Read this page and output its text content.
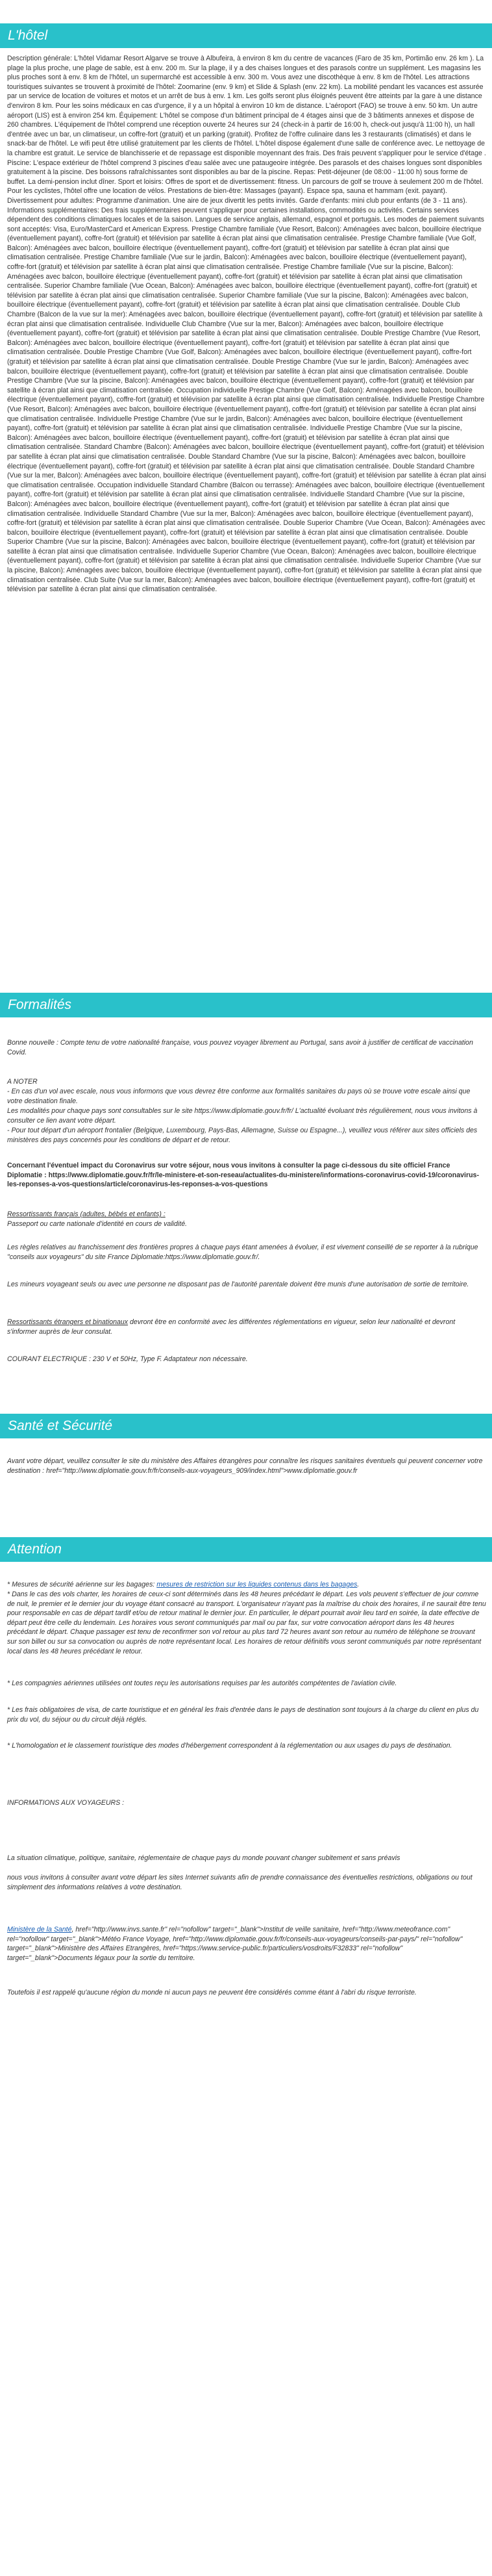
L'hôtel

Description générale: L'hôtel Vidamar Resort Algarve se trouve à Albufeira, à environ 8 km du centre de vacances (Faro de 35 km, Portimão env. 26 km ). La plage la plus proche, une plage de sable, est à env. 200 m. Sur la plage, il y a des chaises longues et des parasols contre un supplément. Les magasins les plus proches sont à env. 8 km de l'hôtel, un supermarché est accessible à env. 300 m. Vous avez une discothèque à env. 8 km de l'hôtel. Les attractions touristiques suivantes se trouvent à proximité de l'hôtel: Zoomarine (env. 9 km) et Slide & Splash (env. 22 km). La mobilité pendant les vacances est assurée par un service de location de voitures et motos et un arrêt de bus à env. 1 km. Les golfs seront plus éloignés peuvent être atteints par la gare à une distance d'environ 8 km. Pour les soins médicaux en cas d'urgence, il y a un hôpital à environ 10 km de distance. L'aéroport (FAO) se trouve à env. 50 km. Un autre aéroport (LIS) est à environ 254 km. Équipement: L'hôtel se compose d'un bâtiment principal de 4 étages ainsi que de 3 bâtiments annexes et dispose de 260 chambres. L'équipement de l'hôtel comprend une réception ouverte 24 heures sur 24 (check-in à partir de 16:00 h, check-out jusqu'à 11:00 h), un hall d'entrée avec un bar, un climatiseur, un coffre-fort (gratuit) et un parking (gratuit). Profitez de l'offre culinaire dans les 3 restaurants (climatisés) et dans le snack-bar de l'hôtel. Le wifi peut être utilisé gratuitement par les clients de l'hôtel. L'hôtel dispose également d'une salle de conférence avec. Le nettoyage de la chambre est gratuit. Le service de blanchisserie et de repassage est disponible moyennant des frais. Des frais peuvent s'appliquer pour le service d'étage . Piscine: L'espace extérieur de l'hôtel comprend 3 piscines d'eau salée avec une pataugeoire intégrée. Des parasols et des chaises longues sont disponibles gratuitement à la piscine. Des boissons rafraîchissantes sont disponibles au bar de la piscine. Repas: Petit-déjeuner (de 08:00 - 11:00 h) sous forme de buffet. La demi-pension inclut dîner. Sport et loisirs: Offres de sport et de divertissement: fitness. Un parcours de golf se trouve à seulement 200 m de l'hôtel. Pour les cyclistes, l'hôtel offre une location de vélos. Prestations de bien-être: Massages (payant). Espace spa, sauna et hammam (exit. payant). Divertissement pour adultes: Programme d'animation. Une aire de jeux divertit les petits invités. Garde d'enfants: mini club pour enfants (de 3 - 11 ans). Informations supplémentaires: Des frais supplémentaires peuvent s'appliquer pour certaines installations, commodités ou activités. Certains services dépendent des conditions climatiques locales et de la saison. Langues de service anglais, allemand, espagnol et portugais. Les modes de paiement suivants sont acceptés: Visa, Euro/MasterCard et American Express. Prestige Chambre familiale (Vue Resort, Balcon): Aménagées avec balcon, bouilloire électrique (éventuellement payant), coffre-fort (gratuit) et télévision par satellite à écran plat ainsi que climatisation centralisée. Prestige Chambre familiale (Vue Golf, Balcon): Aménagées avec balcon, bouilloire électrique (éventuellement payant), coffre-fort (gratuit) et télévision par satellite à écran plat ainsi que climatisation centralisée. Prestige Chambre familiale (Vue sur le jardin, Balcon): Aménagées avec balcon, bouilloire électrique (éventuellement payant), coffre-fort (gratuit) et télévision par satellite à écran plat ainsi que climatisation centralisée. Prestige Chambre familiale (Vue sur la piscine, Balcon): Aménagées avec balcon, bouilloire électrique (éventuellement payant), coffre-fort (gratuit) et télévision par satellite à écran plat ainsi que climatisation centralisée. Superior Chambre familiale (Vue Ocean, Balcon): Aménagées avec balcon, bouilloire électrique (éventuellement payant), coffre-fort (gratuit) et télévision par satellite à écran plat ainsi que climatisation centralisée. Superior Chambre familiale (Vue sur la piscine, Balcon): Aménagées avec balcon, bouilloire électrique (éventuellement payant), coffre-fort (gratuit) et télévision par satellite à écran plat ainsi que climatisation centralisée. Double Club Chambre (Balcon de la vue sur la mer): Aménagées avec balcon, bouilloire électrique (éventuellement payant), coffre-fort (gratuit) et télévision par satellite à écran plat ainsi que climatisation centralisée. Individuelle Club Chambre (Vue sur la mer, Balcon): Aménagées avec balcon, bouilloire électrique (éventuellement payant), coffre-fort (gratuit) et télévision par satellite à écran plat ainsi que climatisation centralisée. Double Prestige Chambre (Vue Resort, Balcon): Aménagées avec balcon, bouilloire électrique (éventuellement payant), coffre-fort (gratuit) et télévision par satellite à écran plat ainsi que climatisation centralisée. Double Prestige Chambre (Vue Golf, Balcon): Aménagées avec balcon, bouilloire électrique (éventuellement payant), coffre-fort (gratuit) et télévision par satellite à écran plat ainsi que climatisation centralisée. Double Prestige Chambre (Vue sur le jardin, Balcon): Aménagées avec balcon, bouilloire électrique (éventuellement payant), coffre-fort (gratuit) et télévision par satellite à écran plat ainsi que climatisation centralisée. Double Prestige Chambre (Vue sur la piscine, Balcon): Aménagées avec balcon, bouilloire électrique (éventuellement payant), coffre-fort (gratuit) et télévision par satellite à écran plat ainsi que climatisation centralisée. Occupation individuelle Prestige Chambre (Vue Golf, Balcon): Aménagées avec balcon, bouilloire électrique (éventuellement payant), coffre-fort (gratuit) et télévision par satellite à écran plat ainsi que climatisation centralisée. Individuelle Prestige Chambre (Vue Resort, Balcon): Aménagées avec balcon, bouilloire électrique (éventuellement payant), coffre-fort (gratuit) et télévision par satellite à écran plat ainsi que climatisation centralisée. Individuelle Prestige Chambre (Vue sur le jardin, Balcon): Aménagées avec balcon, bouilloire électrique (éventuellement payant), coffre-fort (gratuit) et télévision par satellite à écran plat ainsi que climatisation centralisée. Individuelle Prestige Chambre (Vue sur la piscine, Balcon): Aménagées avec balcon, bouilloire électrique (éventuellement payant), coffre-fort (gratuit) et télévision par satellite à écran plat ainsi que climatisation centralisée. Standard Chambre (Balcon): Aménagées avec balcon, bouilloire électrique (éventuellement payant), coffre-fort (gratuit) et télévision par satellite à écran plat ainsi que climatisation centralisée. Double Standard Chambre (Vue sur la piscine, Balcon): Aménagées avec balcon, bouilloire électrique (éventuellement payant), coffre-fort (gratuit) et télévision par satellite à écran plat ainsi que climatisation centralisée. Double Standard Chambre (Vue sur la mer, Balcon): Aménagées avec balcon, bouilloire électrique (éventuellement payant), coffre-fort (gratuit) et télévision par satellite à écran plat ainsi que climatisation centralisée. Occupation individuelle Standard Chambre (Balcon ou terrasse): Aménagées avec balcon, bouilloire électrique (éventuellement payant), coffre-fort (gratuit) et télévision par satellite à écran plat ainsi que climatisation centralisée. Individuelle Standard Chambre (Vue sur la piscine, Balcon): Aménagées avec balcon, bouilloire électrique (éventuellement payant), coffre-fort (gratuit) et télévision par satellite à écran plat ainsi que climatisation centralisée. Individuelle Standard Chambre (Vue sur la mer, Balcon): Aménagées avec balcon, bouilloire électrique (éventuellement payant), coffre-fort (gratuit) et télévision par satellite à écran plat ainsi que climatisation centralisée. Double Superior Chambre (Vue Ocean, Balcon): Aménagées avec balcon, bouilloire électrique (éventuellement payant), coffre-fort (gratuit) et télévision par satellite à écran plat ainsi que climatisation centralisée. Double Superior Chambre (Vue sur la piscine, Balcon): Aménagées avec balcon, bouilloire électrique (éventuellement payant), coffre-fort (gratuit) et télévision par satellite à écran plat ainsi que climatisation centralisée. Individuelle Superior Chambre (Vue Ocean, Balcon): Aménagées avec balcon, bouilloire électrique (éventuellement payant), coffre-fort (gratuit) et télévision par satellite à écran plat ainsi que climatisation centralisée. Individuelle Superior Chambre (Vue sur la piscine, Balcon): Aménagées avec balcon, bouilloire électrique (éventuellement payant), coffre-fort (gratuit) et télévision par satellite à écran plat ainsi que climatisation centralisée. Club Suite (Vue sur la mer, Balcon): Aménagées avec balcon, bouilloire électrique (éventuellement payant), coffre-fort (gratuit) et télévision par satellite à écran plat ainsi que climatisation centralisée.

Formalités

Bonne nouvelle : Compte tenu de votre nationalité française, vous pouvez voyager librement au Portugal, sans avoir à justifier de certificat de vaccination Covid.

A NOTER

- En cas d'un vol avec escale, nous vous informons que vous devrez être conforme aux formalités sanitaires du pays où se trouve votre escale ainsi que votre destination finale.

Les modalités pour chaque pays sont consultables sur le site https://www.diplomatie.gouv.fr/fr/ L'actualité évoluant très régulièrement, nous vous invitons à consulter ce lien avant votre départ.

- Pour tout départ d'un aéroport frontalier (Belgique, Luxembourg, Pays-Bas, Allemagne, Suisse ou Espagne...), veuillez vous référer aux sites officiels des ministères des pays concernés pour les conditions de départ et de retour.

Concernant l'éventuel impact du Coronavirus sur votre séjour, nous vous invitons à consulter la page ci-dessous du site officiel France Diplomatie : https://www.diplomatie.gouv.fr/fr/le-ministere-et-son-reseau/actualites-du-ministere/informations-coronavirus-covid-19/coronavirus-les-reponses-a-vos-questions/article/coronavirus-les-reponses-a-vos-questions

Ressortissants français (adultes, bébés et enfants) :

Passeport ou carte nationale d'identité en cours de validité.

Les règles relatives au franchissement des frontières propres à chaque pays étant amenées à évoluer, il est vivement conseillé de se reporter à la rubrique "conseils aux voyageurs" du site France Diplomatie:https://www.diplomatie.gouv.fr/.

Les mineurs voyageant seuls ou avec une personne ne disposant pas de l'autorité parentale doivent être munis d'une autorisation de sortie de territoire.

Ressortissants étrangers et binationaux devront être en conformité avec les différentes réglementations en vigueur, selon leur nationalité et devront s'informer auprès de leur consulat.

COURANT ELECTRIQUE : 230 V et 50Hz, Type F. Adaptateur non nécessaire.

Santé et Sécurité

Avant votre départ, veuillez consulter le site du ministère des Affaires étrangères pour connaître les risques sanitaires éventuels qui peuvent concerner votre destination : href="http://www.diplomatie.gouv.fr/fr/conseils-aux-voyageurs_909/index.html">www.diplomatie.gouv.fr

Attention

* Mesures de sécurité aérienne sur les bagages: mesures de restriction sur les liquides contenus dans les bagages.

* Dans le cas des vols charter, les horaires de ceux-ci sont déterminés dans les 48 heures précédant le départ. Les vols peuvent s'effectuer de jour comme de nuit, le premier et le dernier jour du voyage étant consacré au transport. L'organisateur n'ayant pas la maîtrise du choix des horaires, il ne saurait être tenu pour responsable en cas de départ tardif et/ou de retour matinal le dernier jour. En particulier, le départ pourrait avoir lieu tard en soirée, la date effective de départ peut être celle du lendemain. Les horaires vous seront communiqués par mail ou par fax, sur votre convocation aéroport dans les 48 heures précédant le départ. Chaque passager est tenu de reconfirmer son vol retour au plus tard 72 heures avant son retour au numéro de téléphone se trouvant sur son billet ou sur sa convocation ou auprès de notre représentant local. Les horaires de retour définitifs vous seront communiqués par notre représentant local dans les 48 heures précédant le retour.

* Les compagnies aériennes utilisées ont toutes reçu les autorisations requises par les autorités compétentes de l'aviation civile.

* Les frais obligatoires de visa, de carte touristique et en général les frais d'entrée dans le pays de destination sont toujours à la charge du client en plus du prix du vol, du séjour ou du circuit déjà réglés.

* L'homologation et le classement touristique des modes d'hébergement correspondent à la réglementation ou aux usages du pays de destination.

INFORMATIONS AUX VOYAGEURS :

La situation climatique, politique, sanitaire, réglementaire de chaque pays du monde pouvant changer subitement et sans préavis

nous vous invitons à consulter avant votre départ les sites Internet suivants afin de prendre connaissance des éventuelles restrictions, obligations ou tout simplement des informations relatives à votre destination.

Ministère de la Santé, href="http://www.invs.sante.fr" rel="nofollow" target="_blank">Institut de veille sanitaire, href="http://www.meteofrance.com" rel="nofollow" target="_blank">Météo France Voyage, href="http://www.diplomatie.gouv.fr/fr/conseils-aux-voyageurs/conseils-par-pays/" rel="nofollow" target="_blank">Ministère des Affaires Etrangères, href="https://www.service-public.fr/particuliers/vosdroits/F32833" rel="nofollow" target="_blank">Documents légaux pour la sortie du territoire.

Toutefois il est rappelé qu'aucune région du monde ni aucun pays ne peuvent être considérés comme étant à l'abri du risque terroriste.
